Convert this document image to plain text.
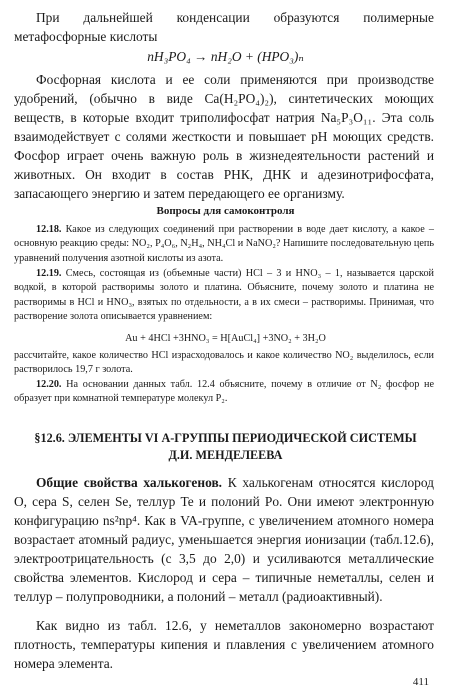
При дальнейшей конденсации образуются полимерные метафосфорные кислоты
nH₃PO₄ → nH₂O + (HPO₃)ₙ
Фосфорная кислота и ее соли применяются при производстве удобрений, (обычно в виде Ca(H₂PO₄)₂), синтетических моющих веществ, в которые входит триполифосфат натрия Na₅P₃O₁₁. Эта соль взаимодействует с солями жесткости и повышает pH моющих средств. Фосфор играет очень важную роль в жизнедеятельности растений и животных. Он входит в состав РНК, ДНК и адезинотрифосфата, запасающего энергию и затем передающего ее организму.
Вопросы для самоконтроля
12.18. Какое из следующих соединений при растворении в воде дает кислоту, а какое – основную реакцию среды: NO₂, P₄O₆, N₂H₄, NH₄Cl и NaNO₂? Напишите последовательную цепь уравнений получения азотной кислоты из азота.
12.19. Смесь, состоящая из (объемные части) HCl – 3 и HNO₃ – 1, называется царской водкой, в которой растворимы золото и платина. Объясните, почему золото и платина не растворимы в HCl и HNO₃, взятых по отдельности, а в их смеси – растворимы. Принимая, что растворение золота описывается уравнением:
Au + 4HCl +3HNO₃ = H[AuCl₄] +3NO₂ + 3H₂O
рассчитайте, какое количество HCl израсходовалось и какое количество NO₂ выделилось, если растворилось 19,7 г золота.
12.20. На основании данных табл. 12.4 объясните, почему в отличие от N₂ фосфор не образует при комнатной температуре молекул P₂.
§12.6. ЭЛЕМЕНТЫ VI А-ГРУППЫ ПЕРИОДИЧЕСКОЙ СИСТЕМЫ
Д.И. МЕНДЕЛЕЕВА
Общие свойства халькогенов. К халькогенам относятся кислород O, сера S, селен Se, теллур Te и полоний Po. Они имеют электронную конфигурацию ns²np⁴. Как в VA-группе, с увеличением атомного номера возрастает атомный радиус, уменьшается энергия ионизации (табл.12.6), электроотрицательность (с 3,5 до 2,0) и усиливаются металлические свойства элементов. Кислород и сера – типичные неметаллы, селен и теллур – полупроводники, а полоний – металл (радиоактивный).
Как видно из табл. 12.6, у неметаллов закономерно возрастают плотность, температуры кипения и плавления с увеличением атомного номера элемента.
411
